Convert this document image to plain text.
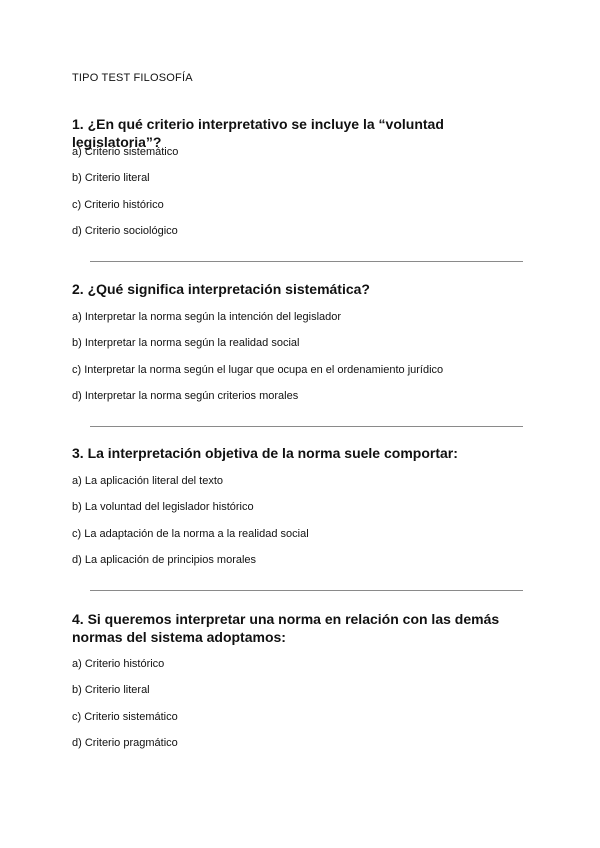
TIPO TEST FILOSOFÍA

1. ¿En qué criterio interpretativo se incluye la “voluntad legislatoria”?

a) Criterio sistemático

b) Criterio literal

c) Criterio histórico

d) Criterio sociológico

2. ¿Qué significa interpretación sistemática?

a) Interpretar la norma según la intención del legislador

b) Interpretar la norma según la realidad social

c) Interpretar la norma según el lugar que ocupa en el ordenamiento jurídico

d) Interpretar la norma según criterios morales

3. La interpretación objetiva de la norma suele comportar:

a) La aplicación literal del texto

b) La voluntad del legislador histórico

c) La adaptación de la norma a la realidad social

d) La aplicación de principios morales

4. Si queremos interpretar una norma en relación con las demás normas del sistema adoptamos:

a) Criterio histórico

b) Criterio literal

c) Criterio sistemático

d) Criterio pragmático
